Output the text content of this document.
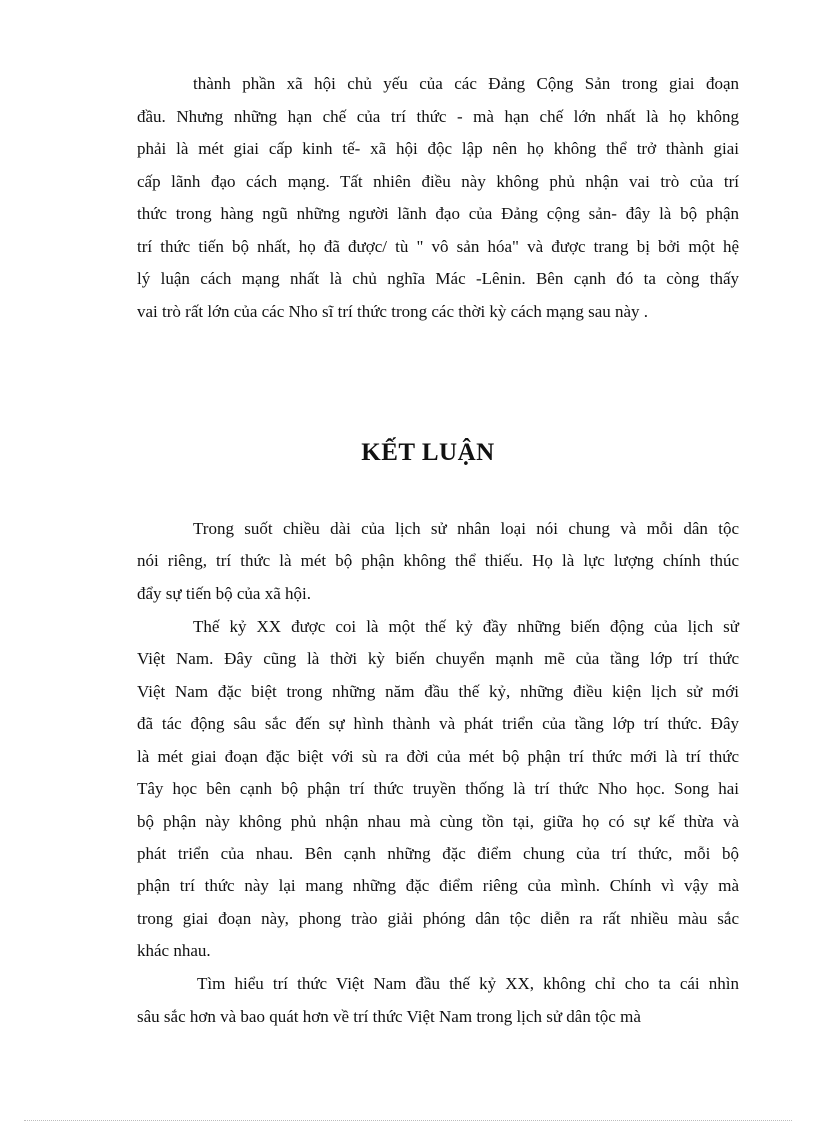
thành phần xã hội chủ yếu của các Đảng Cộng Sản trong giai đoạn
đầu. Nhưng những hạn chế của trí thức - mà hạn chế lớn nhất là họ không
phải là mét giai cấp kinh tế- xã hội độc lập nên họ không thể trở thành giai
cấp lãnh đạo cách mạng. Tất nhiên điều này không phủ nhận vai trò của trí
thức trong hàng ngũ những người lãnh đạo của Đảng cộng sản- đây là bộ phận
trí thức tiến bộ nhất, họ đã được/ tù " vô sản hóa" và được trang bị bởi một hệ
lý luận cách mạng nhất là chủ nghĩa Mác -Lênin. Bên cạnh đó ta còng thấy
vai trò rất lớn của các Nho sĩ trí thức trong các thời kỳ cách mạng sau này .
KẾT LUẬN
Trong suốt chiều dài của lịch sử nhân loại nói chung và mỗi dân tộc
nói riêng, trí thức là mét bộ phận không thể thiếu. Họ là lực lượng chính thúc
đẩy sự tiến bộ của xã hội.
Thế kỷ XX được coi là một thế kỷ đầy những biến động của lịch sử
Việt Nam. Đây cũng là thời kỳ biến chuyển mạnh mẽ của tầng lớp trí thức
Việt Nam đặc biệt trong những năm đầu thế kỷ, những điều kiện lịch sử mới
đã tác động sâu sắc đến sự hình thành và phát triển của tầng lớp trí thức. Đây
là mét giai đoạn đặc biệt với sù ra đời của mét bộ phận trí thức mới là trí thức
Tây học bên cạnh bộ phận trí thức truyền thống là trí thức Nho học. Song hai
bộ phận này không phủ nhận nhau mà cùng tồn tại, giữa họ có sự kế thừa và
phát triển của nhau. Bên cạnh những đặc điểm chung của trí thức, mỗi bộ
phận trí thức này lại mang những đặc điểm riêng của mình. Chính vì vậy mà
trong giai đoạn này, phong trào giải phóng dân tộc diễn ra rất nhiều màu sắc
khác nhau.
Tìm hiểu trí thức Việt Nam đầu thế kỷ XX, không chỉ cho ta cái nhìn
sâu sắc hơn và bao quát hơn về trí thức Việt Nam trong lịch sử dân tộc mà
